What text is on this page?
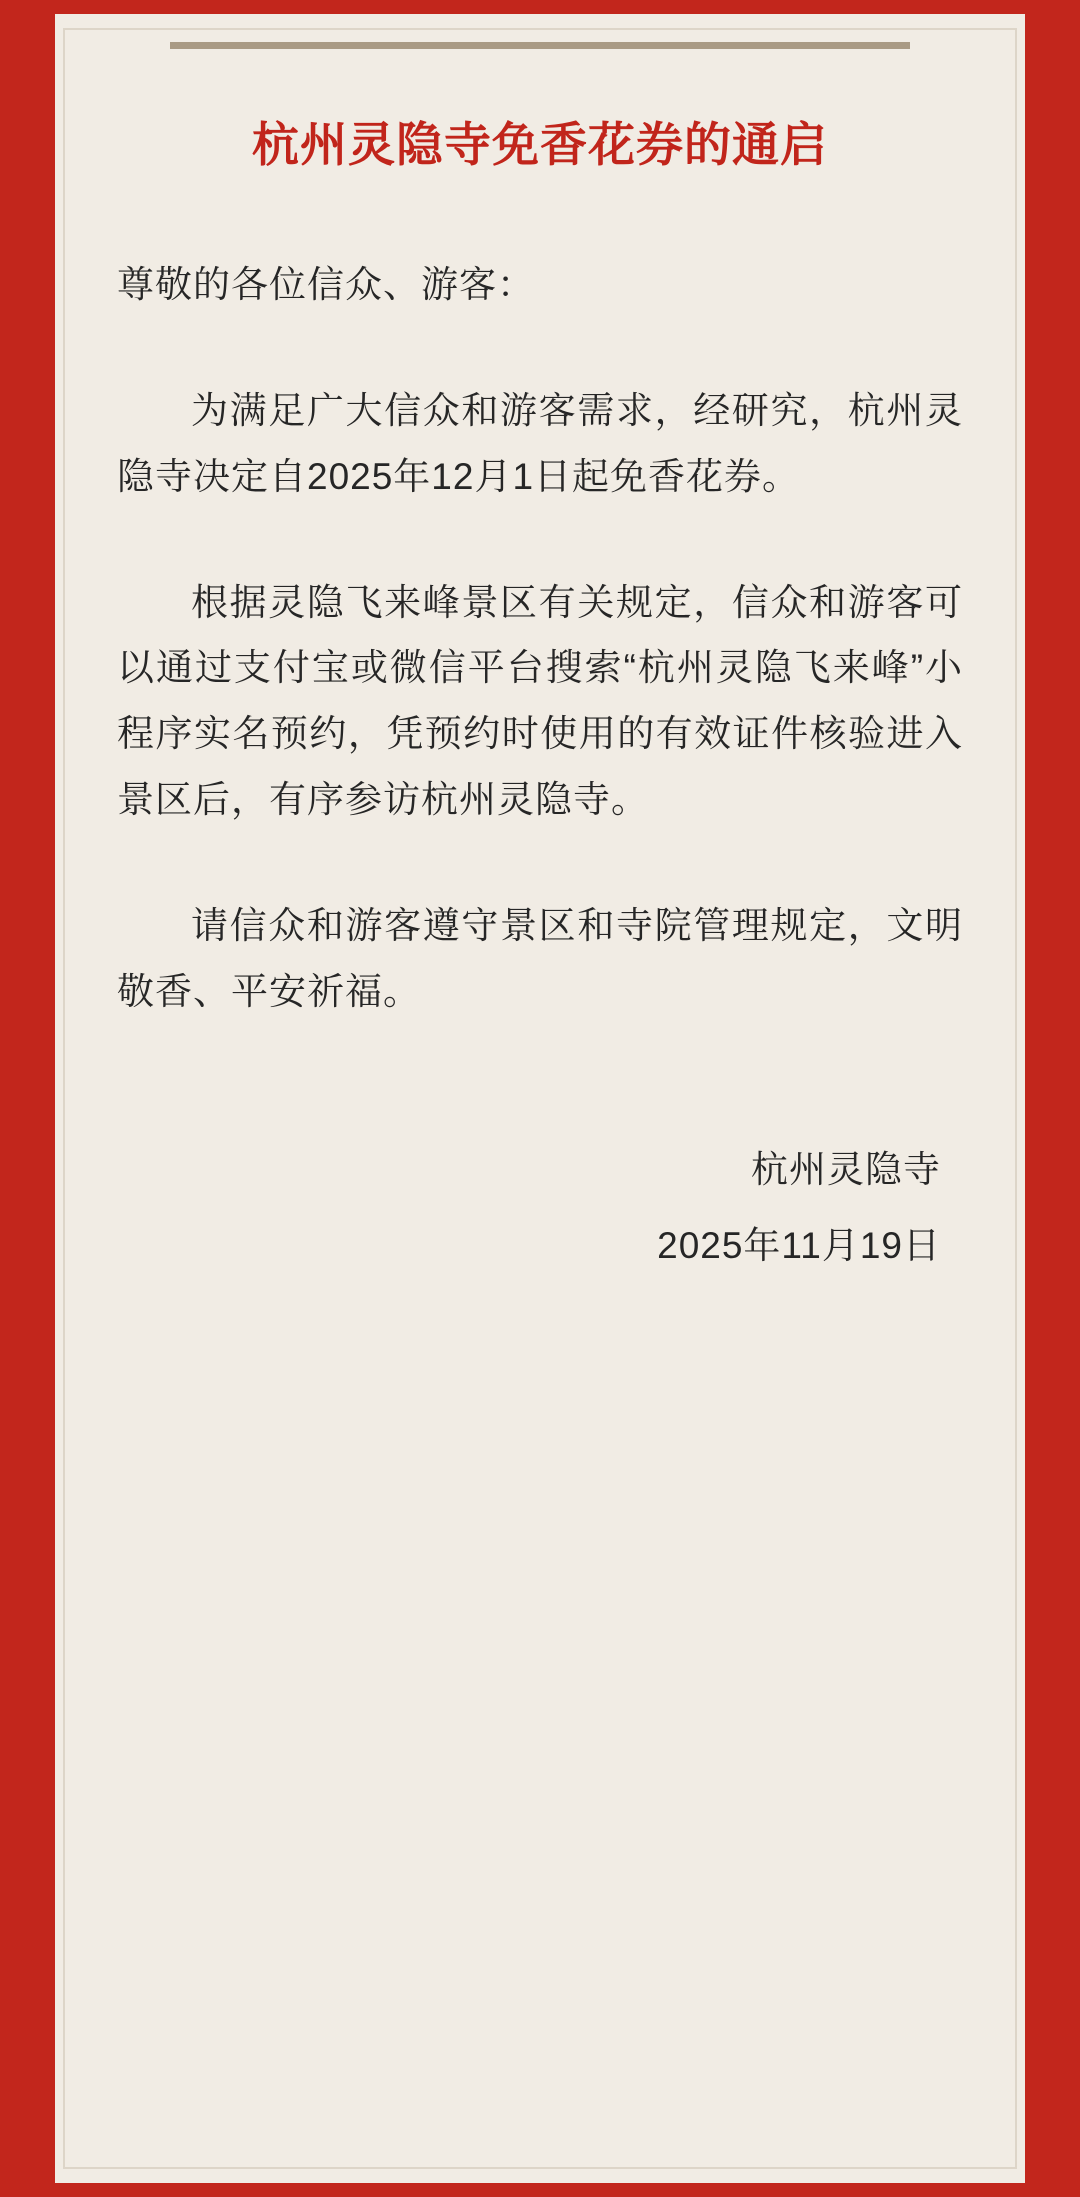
杭州灵隐寺免香花券的通启
尊敬的各位信众、游客：
为满足广大信众和游客需求，经研究，杭州灵隐寺决定自2025年12月1日起免香花券。
根据灵隐飞来峰景区有关规定，信众和游客可以通过支付宝或微信平台搜索“杭州灵隐飞来峰”小程序实名预约，凭预约时使用的有效证件核验进入景区后，有序参访杭州灵隐寺。
请信众和游客遵守景区和寺院管理规定，文明敬香、平安祈福。
杭州灵隐寺
2025年11月19日
